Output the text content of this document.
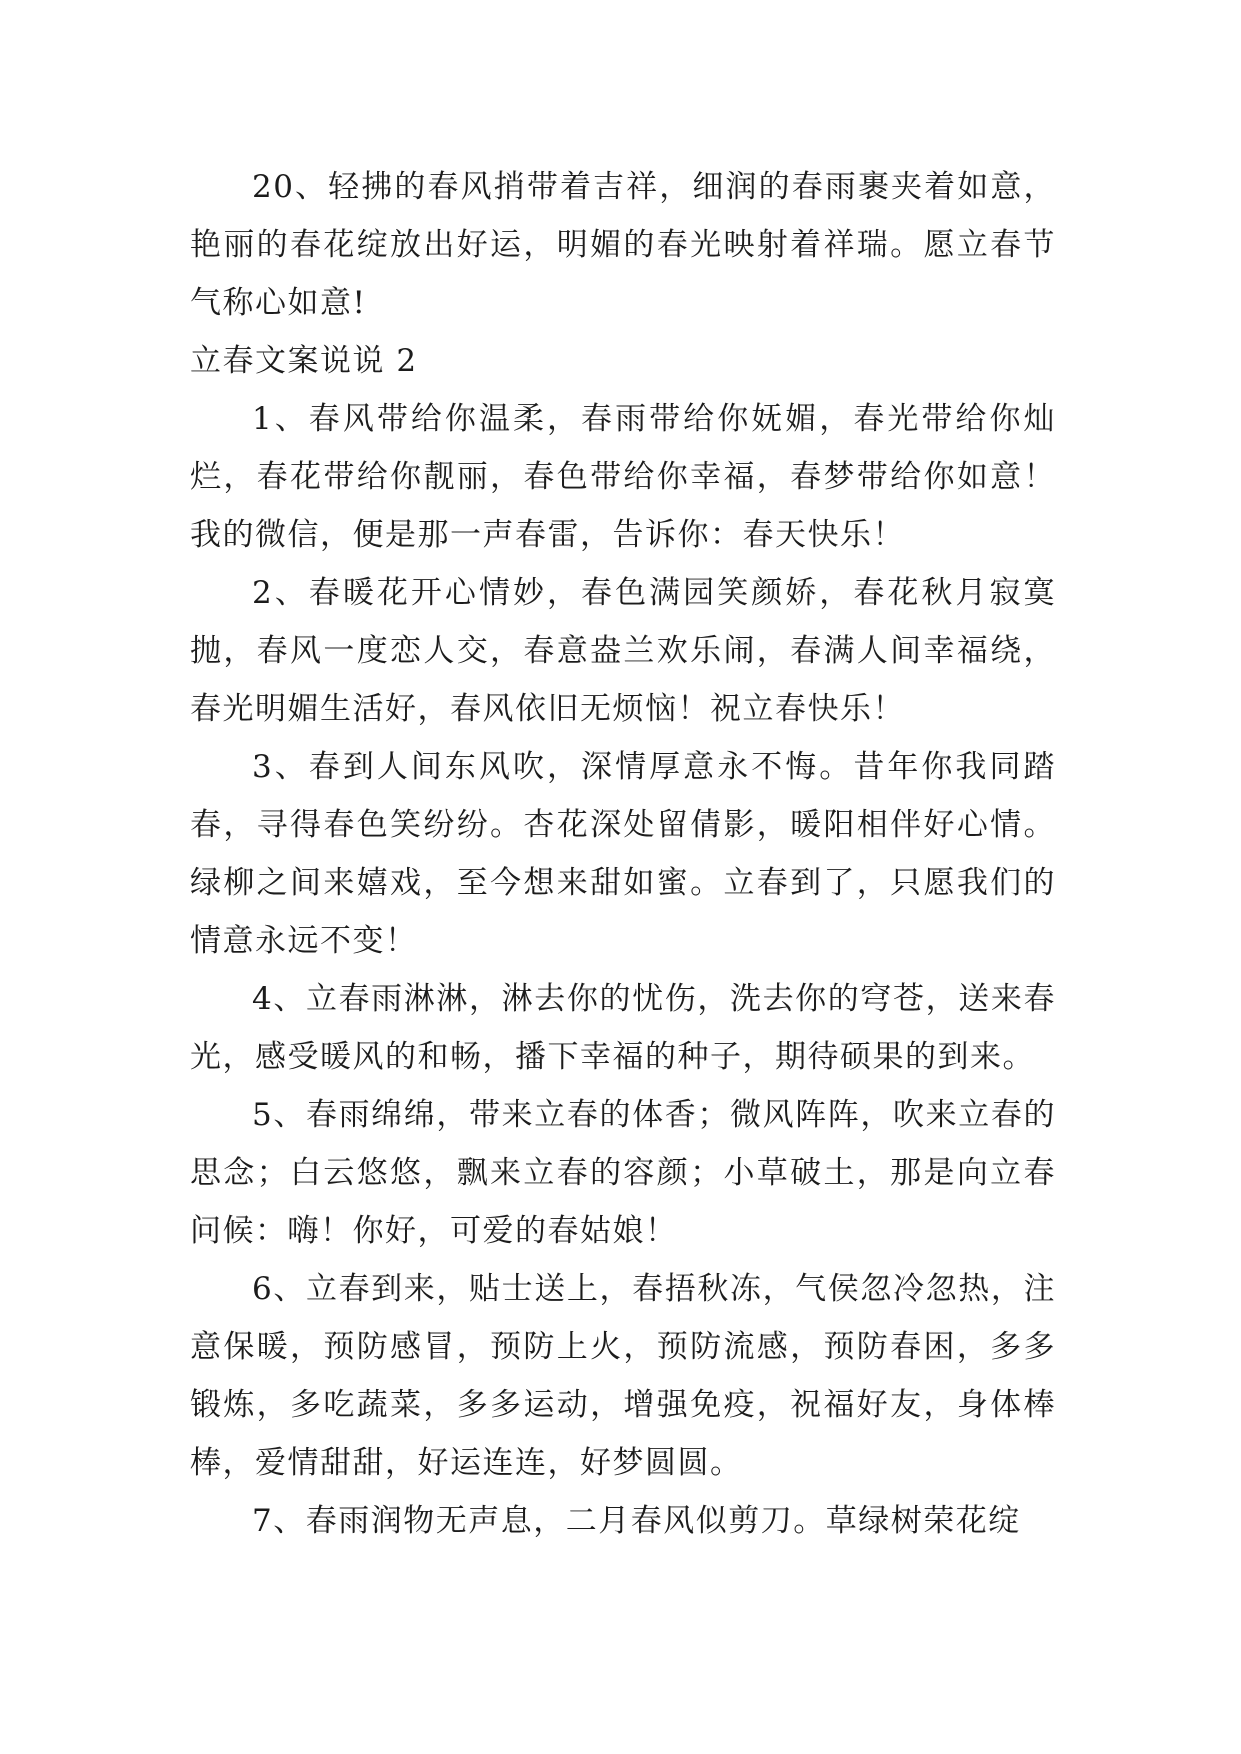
20、轻拂的春风捎带着吉祥，细润的春雨裹夹着如意，艳丽的春花绽放出好运，明媚的春光映射着祥瑞。愿立春节气称心如意!

立春文案说说 2

1、春风带给你温柔，春雨带给你妩媚，春光带给你灿烂，春花带给你靓丽，春色带给你幸福，春梦带给你如意！我的微信，便是那一声春雷，告诉你：春天快乐！

2、春暖花开心情妙，春色满园笑颜娇，春花秋月寂寞抛，春风一度恋人交，春意盎兰欢乐闹，春满人间幸福绕，春光明媚生活好，春风依旧无烦恼！祝立春快乐！

3、春到人间东风吹，深情厚意永不悔。昔年你我同踏春，寻得春色笑纷纷。杏花深处留倩影，暖阳相伴好心情。绿柳之间来嬉戏，至今想来甜如蜜。立春到了，只愿我们的情意永远不变！

4、立春雨淋淋，淋去你的忧伤，洗去你的穹苍，送来春光，感受暖风的和畅，播下幸福的种子，期待硕果的到来。

5、春雨绵绵，带来立春的体香；微风阵阵，吹来立春的思念；白云悠悠，飘来立春的容颜；小草破土，那是向立春问候：嗨！你好，可爱的春姑娘！

6、立春到来，贴士送上，春捂秋冻，气侯忽冷忽热，注意保暖，预防感冒，预防上火，预防流感，预防春困，多多锻炼，多吃蔬菜，多多运动，增强免疫，祝福好友，身体棒棒，爱情甜甜，好运连连，好梦圆圆。

7、春雨润物无声息，二月春风似剪刀。草绿树荣花绽
